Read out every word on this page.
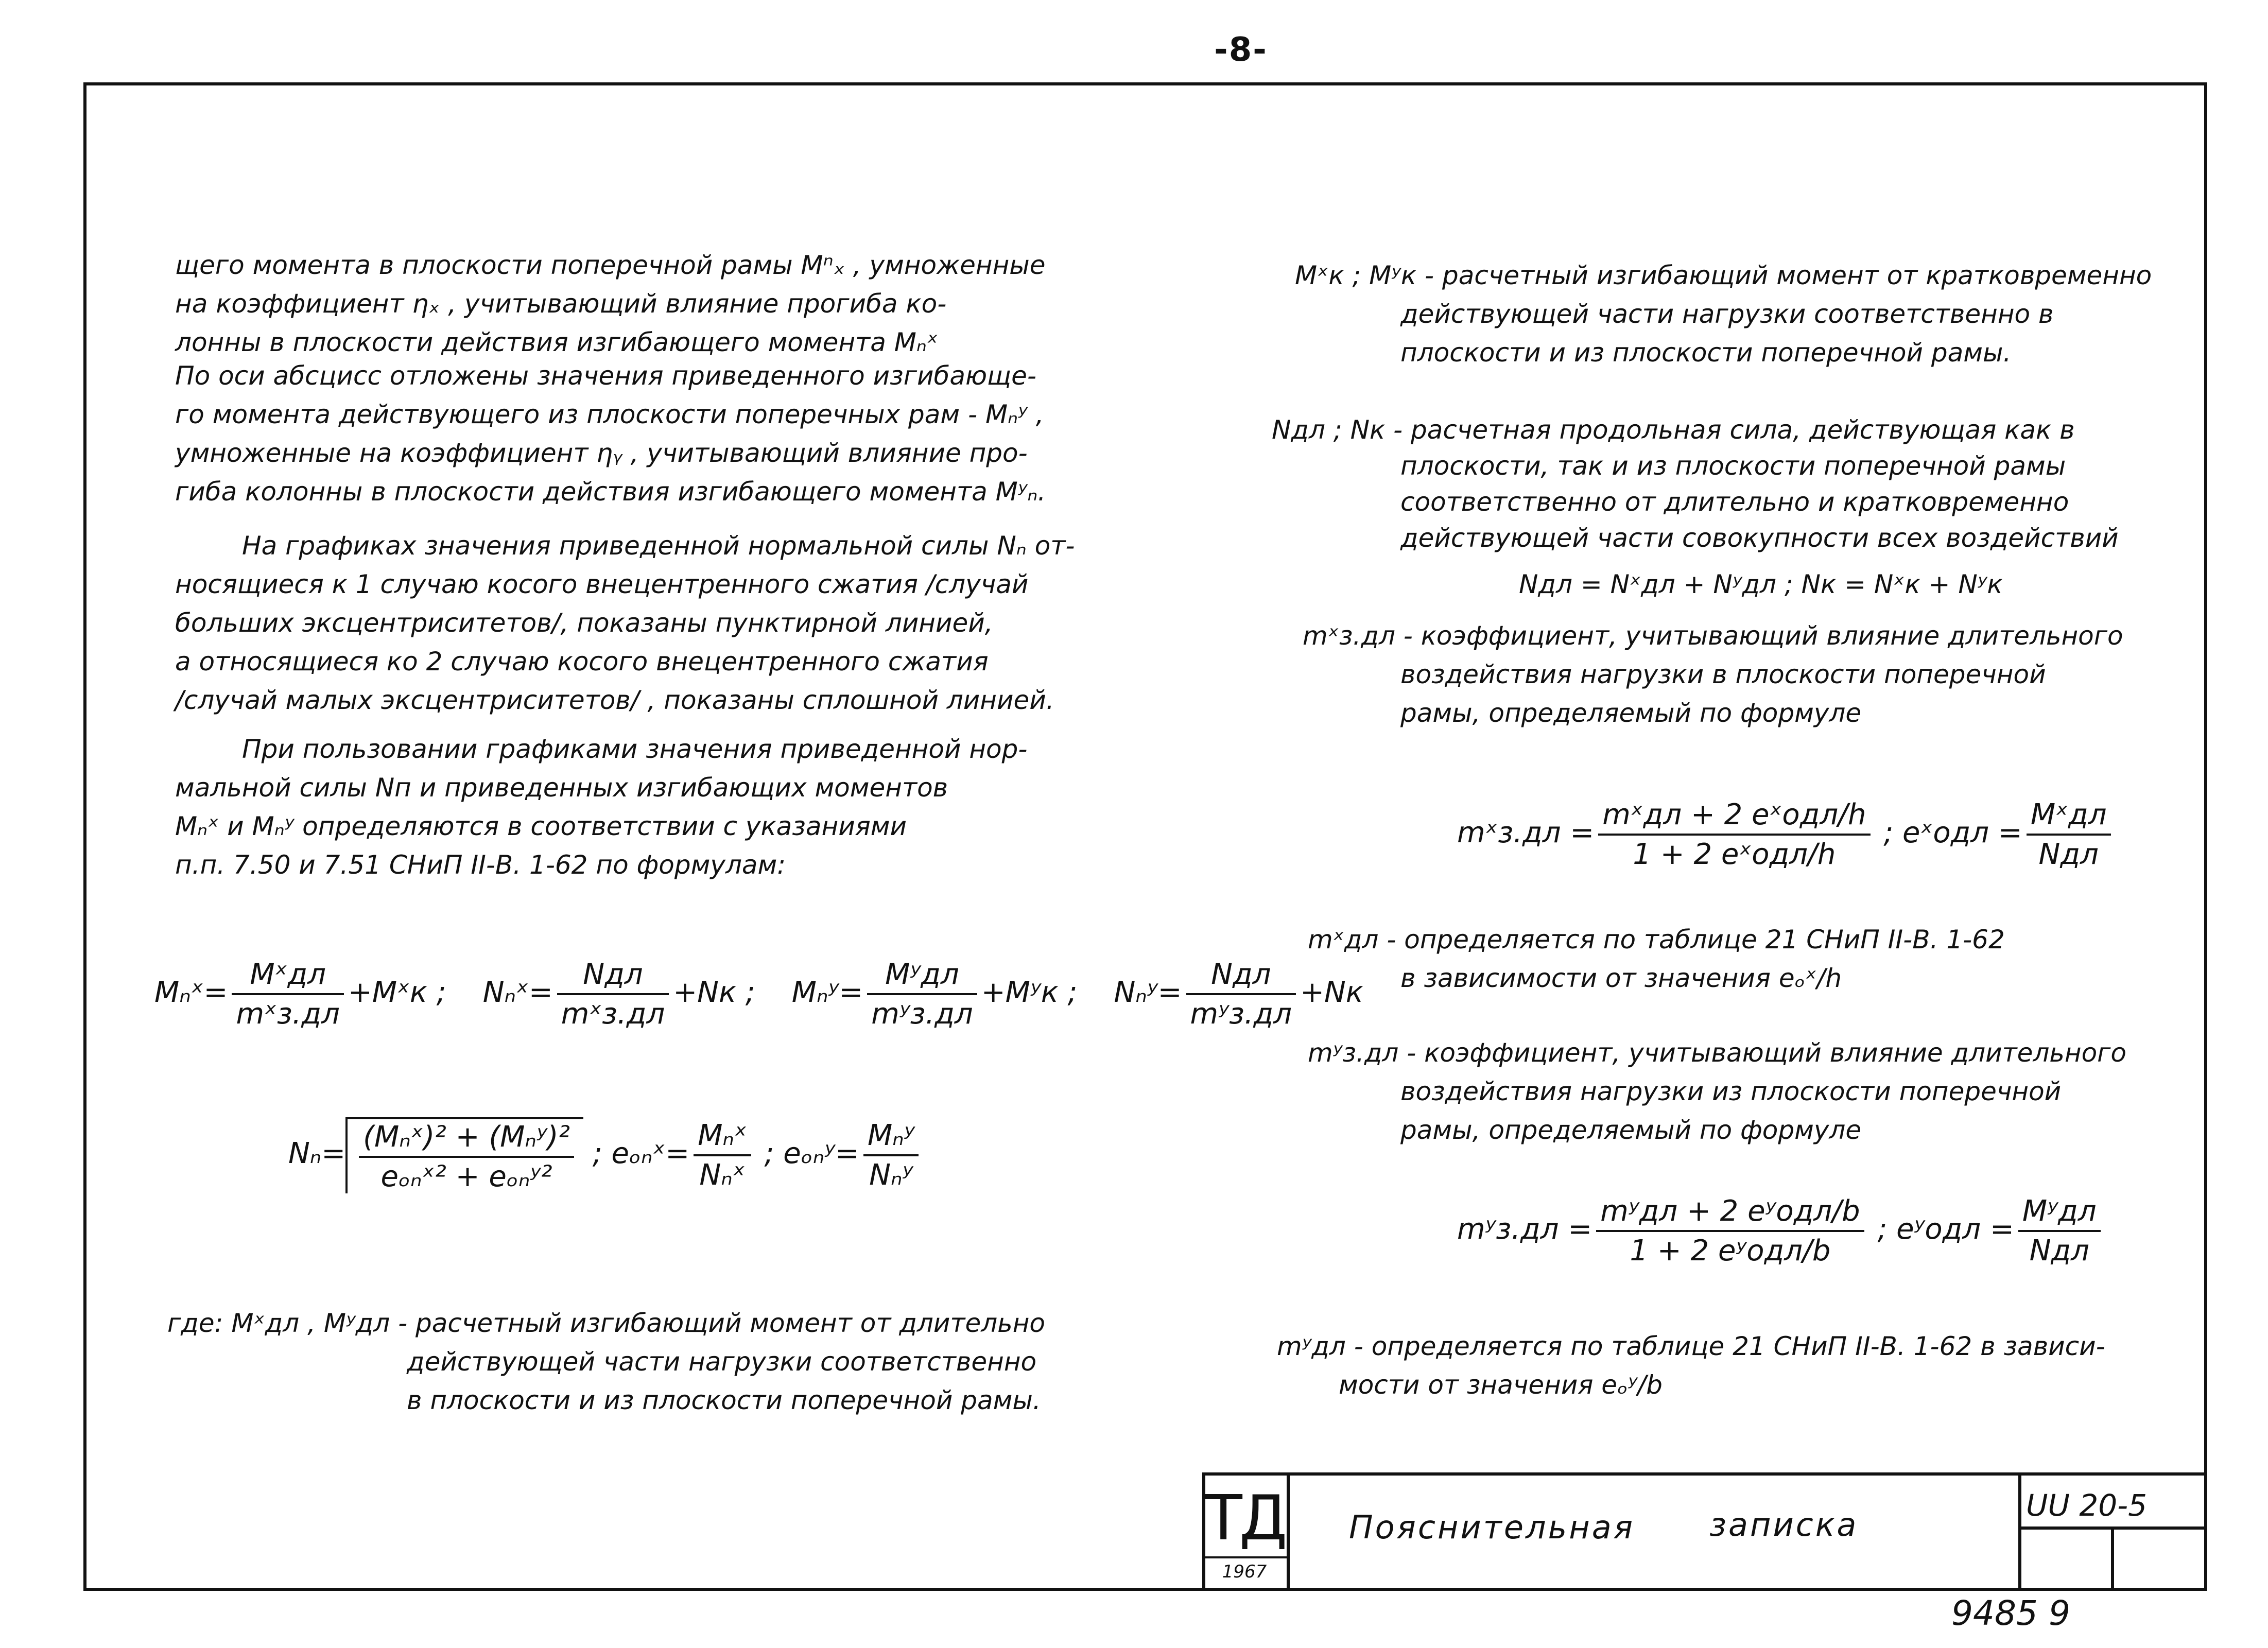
-8-
щего момента в плоскости поперечной рамы Mⁿₓ , умноженные
на коэффициент ηₓ , учитывающий влияние прогиба ко-
лонны в плоскости действия изгибающего момента Mₙˣ
По оси абсцисс отложены значения приведенного изгибающе-
го момента действующего из плоскости поперечных рам - Mₙʸ ,
умноженные на коэффициент ηᵧ , учитывающий влияние про-
гиба колонны в плоскости действия изгибающего момента Mʸₙ.
На графиках значения приведенной нормальной силы Nₙ от-
носящиеся к 1 случаю косого внецентренного сжатия /случай
больших эксцентриситетов/, показаны пунктирной линией,
а относящиеся ко 2 случаю косого внецентренного сжатия
/случай малых эксцентриситетов/ , показаны сплошной линией.
При пользовании графиками значения приведенной нор-
мальной силы Nп и приведенных изгибающих моментов
Mₙˣ и Mₙʸ определяются в соответствии с указаниями
п.п. 7.50 и 7.51 СНиП II-В. 1-62 по формулам:
Mₙˣ= $\frac{\text{Mˣдл}}{\text{mˣз.дл}}$ +Mˣк ; Nₙˣ= $\frac{\text{Nдл}}{\text{mˣз.дл}} +Nк$ ; Mₙʸ= $\frac{\text{Mʸдл}}{\text{mʸз.дл}}$ +Mʸк ; Nₙʸ= $\frac{\text{Nдл}}{\text{mʸз.дл}} +Nк$
$N_n= \frac{\text{(Mₙˣ)² + (Mₙʸ)²}}{\text{eₒₙˣ² + eₒₙʸ²}}$ ; eₒₙˣ= $\frac{\text{Mₙˣ}}{\text{Nₙˣ}}$ ; eₒₙʸ= $\frac{\text{Mₙʸ}}{\text{Nₙʸ}}$
где: Mˣдл , Mʸдл - расчетный изгибающий момент от длительно
действующей части нагрузки соответственно
в плоскости и из плоскости поперечной рамы.
Mˣк ; Mʸк - расчетный изгибающий момент от кратковременно
действующей части нагрузки соответственно в
плоскости и из плоскости поперечной рамы.
Nдл ; Nк - расчетная продольная сила, действующая как в
плоскости, так и из плоскости поперечной рамы
соответственно от длительно и кратковременно
действующей части совокупности всех воздействий
Nдл = Nˣдл + Nʸдл ; Nк = Nˣк + Nʸк
mˣз.дл - коэффициент, учитывающий влияние длительного
воздействия нагрузки в плоскости поперечной
рамы, определяемый по формуле
mˣз.дл = $\frac{\text{mˣдл + 2 eˣодл/h}}{\text{1 + 2 eˣодл/h}}$ ; eˣодл = $\frac{\text{Mˣдл}}{\text{Nдл}}$
mˣдл - определяется по таблице 21 СНиП II-В. 1-62
в зависимости от значения eₒˣ/h
mʸз.дл - коэффициент, учитывающий влияние длительного
воздействия нагрузки из плоскости поперечной
рамы, определяемый по формуле
mʸз.дл = $\frac{\text{mʸдл + 2 eʸодл/b}}{\text{1 + 2 eʸодл/b}}$ ; eʸодл = $\frac{\text{Mʸдл}}{\text{Nдл}}$
mʸдл - определяется по таблице 21 СНиП II-В. 1-62 в зависи-
мости от значения eₒʸ/b
ТД
1967
Пояснительная записка
UU 20-5
9485 9
